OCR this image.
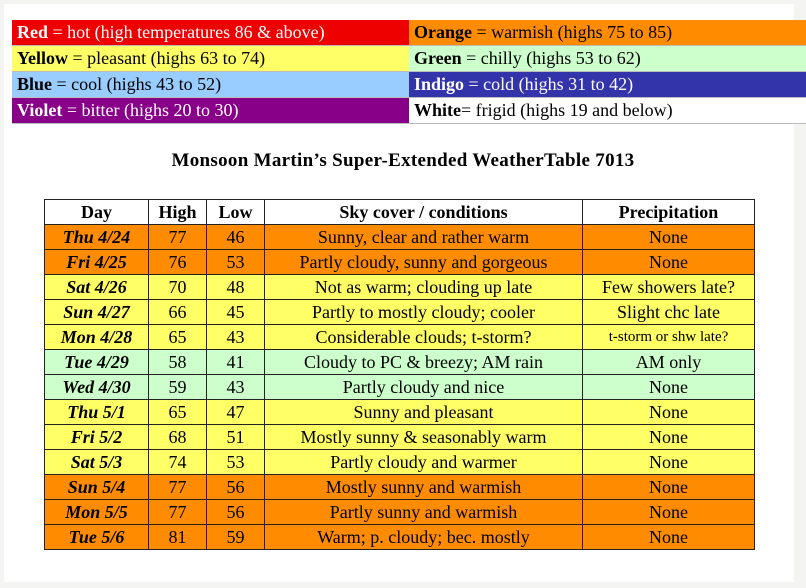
Red = hot (high temperatures 86 & above)	Orange = warmish (highs 75 to 85)
Yellow = pleasant (highs 63 to 74)	Green = chilly (highs 53 to 62)
Blue = cool (highs 43 to 52)	Indigo = cold (highs 31 to 42)
Violet = bitter (highs 20 to 30)	White= frigid (highs 19 and below)
Monsoon Martin’s Super-Extended WeatherTable 7013
Day	High	Low	Sky cover / conditions	Precipitation
Thu 4/24	77	46	Sunny, clear and rather warm	None
Fri 4/25	76	53	Partly cloudy, sunny and gorgeous	None
Sat 4/26	70	48	Not as warm; clouding up late	Few showers late?
Sun 4/27	66	45	Partly to mostly cloudy; cooler	Slight chc late
Mon 4/28	65	43	Considerable clouds; t-storm?	t-storm or shw late?
Tue 4/29	58	41	Cloudy to PC & breezy; AM rain	AM only
Wed 4/30	59	43	Partly cloudy and nice	None
Thu 5/1	65	47	Sunny and pleasant	None
Fri 5/2	68	51	Mostly sunny & seasonably warm	None
Sat 5/3	74	53	Partly cloudy and warmer	None
Sun 5/4	77	56	Mostly sunny and warmish	None
Mon 5/5	77	56	Partly sunny and warmish	None
Tue 5/6	81	59	Warm; p. cloudy; bec. mostly	None
